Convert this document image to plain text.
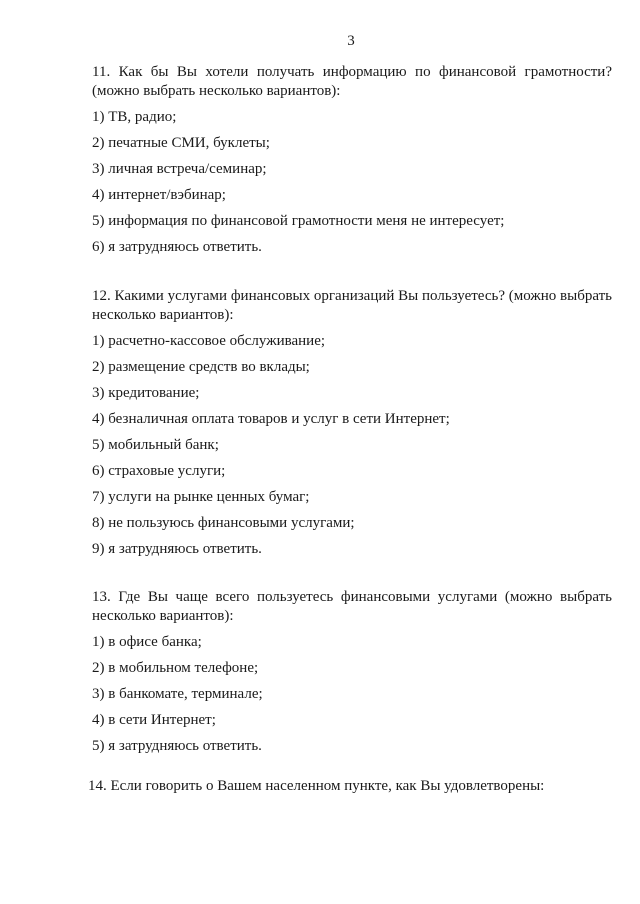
3
11. Как бы Вы хотели получать информацию по финансовой грамотности? (можно выбрать несколько вариантов):
1) ТВ, радио;
2) печатные СМИ, буклеты;
3) личная встреча/семинар;
4) интернет/вэбинар;
5) информация по финансовой грамотности меня не интересует;
6) я затрудняюсь ответить.
12. Какими услугами финансовых организаций Вы пользуетесь? (можно выбрать несколько вариантов):
1) расчетно-кассовое обслуживание;
2) размещение средств во вклады;
3) кредитование;
4) безналичная оплата товаров и услуг в сети Интернет;
5) мобильный банк;
6) страховые услуги;
7) услуги на рынке ценных бумаг;
8) не пользуюсь финансовыми услугами;
9) я затрудняюсь ответить.
13. Где Вы чаще всего пользуетесь финансовыми услугами (можно выбрать несколько вариантов):
1) в офисе банка;
2) в мобильном телефоне;
3) в банкомате, терминале;
4) в сети Интернет;
5) я затрудняюсь ответить.
14. Если говорить о Вашем населенном пункте, как Вы удовлетворены:
